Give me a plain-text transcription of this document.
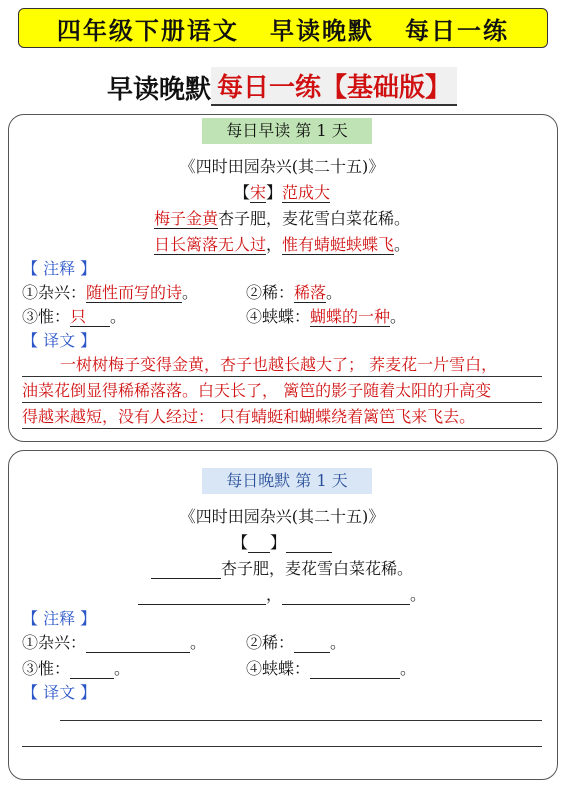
四年级下册语文   早读晚默   每日一练
早读晚默 每日一练【基础版】
每日早读 第 1 天
《四时田园杂兴(其二十五)》
【宋】范成大
梅子金黄杏子肥，麦花雪白菜花稀。
日长篱落无人过，惟有蜻蜓蛱蝶飞。
【 注释 】
①杂兴：随性而写的诗。	②稀：稀落。
③惟：只 。	④蛱蝶：蝴蝶的一种。
【 译文 】
一树树梅子变得金黄，杏子也越长越大了； 荞麦花一片雪白，
油菜花倒显得稀稀落落。白天长了， 篱笆的影子随着太阳的升高变
得越来越短，没有人经过： 只有蜻蜓和蝴蝶绕着篱笆飞来飞去。
每日晚默 第 1 天
《四时田园杂兴(其二十五)》
【 】
杏子肥，麦花雪白菜花稀。
，	。
【 注释 】
①杂兴：	。 ②稀： 。
③惟：	。	④蛱蝶：	。
【 译文 】
